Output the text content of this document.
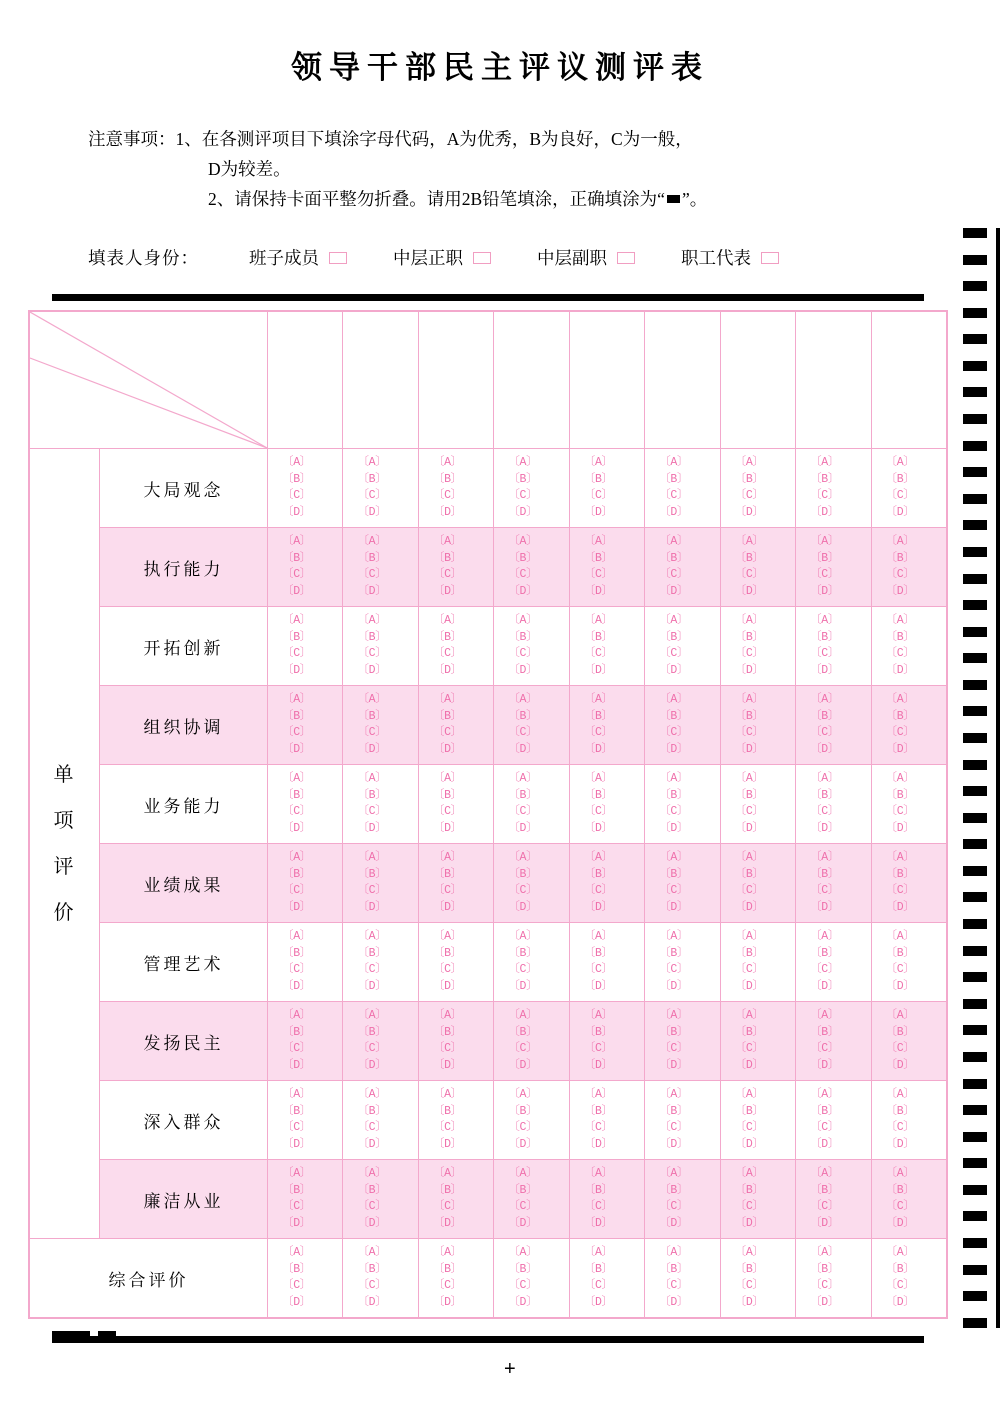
领导干部民主评议测评表
注意事项：1、在各测评项目下填涂字母代码，A为优秀，B为良好，C为一般，
D为较差。
2、请保持卡面平整勿折叠。请用2B铅笔填涂，正确填涂为“ ”。
填表人身份：	班子成员	中层正职	中层副职	职工代表

单
项
评
价
	大局观念	
〔A〕
〔B〕
〔C〕
〔D〕

〔A〕
〔B〕
〔C〕
〔D〕

〔A〕
〔B〕
〔C〕
〔D〕

〔A〕
〔B〕
〔C〕
〔D〕

〔A〕
〔B〕
〔C〕
〔D〕

〔A〕
〔B〕
〔C〕
〔D〕

〔A〕
〔B〕
〔C〕
〔D〕

〔A〕
〔B〕
〔C〕
〔D〕

〔A〕
〔B〕
〔C〕
〔D〕

执行能力	
〔A〕
〔B〕
〔C〕
〔D〕

〔A〕
〔B〕
〔C〕
〔D〕

〔A〕
〔B〕
〔C〕
〔D〕

〔A〕
〔B〕
〔C〕
〔D〕

〔A〕
〔B〕
〔C〕
〔D〕

〔A〕
〔B〕
〔C〕
〔D〕

〔A〕
〔B〕
〔C〕
〔D〕

〔A〕
〔B〕
〔C〕
〔D〕

〔A〕
〔B〕
〔C〕
〔D〕

开拓创新	
〔A〕
〔B〕
〔C〕
〔D〕

〔A〕
〔B〕
〔C〕
〔D〕

〔A〕
〔B〕
〔C〕
〔D〕

〔A〕
〔B〕
〔C〕
〔D〕

〔A〕
〔B〕
〔C〕
〔D〕

〔A〕
〔B〕
〔C〕
〔D〕

〔A〕
〔B〕
〔C〕
〔D〕

〔A〕
〔B〕
〔C〕
〔D〕

〔A〕
〔B〕
〔C〕
〔D〕

组织协调	
〔A〕
〔B〕
〔C〕
〔D〕

〔A〕
〔B〕
〔C〕
〔D〕

〔A〕
〔B〕
〔C〕
〔D〕

〔A〕
〔B〕
〔C〕
〔D〕

〔A〕
〔B〕
〔C〕
〔D〕

〔A〕
〔B〕
〔C〕
〔D〕

〔A〕
〔B〕
〔C〕
〔D〕

〔A〕
〔B〕
〔C〕
〔D〕

〔A〕
〔B〕
〔C〕
〔D〕

业务能力	
〔A〕
〔B〕
〔C〕
〔D〕

〔A〕
〔B〕
〔C〕
〔D〕

〔A〕
〔B〕
〔C〕
〔D〕

〔A〕
〔B〕
〔C〕
〔D〕

〔A〕
〔B〕
〔C〕
〔D〕

〔A〕
〔B〕
〔C〕
〔D〕

〔A〕
〔B〕
〔C〕
〔D〕

〔A〕
〔B〕
〔C〕
〔D〕

〔A〕
〔B〕
〔C〕
〔D〕

业绩成果	
〔A〕
〔B〕
〔C〕
〔D〕

〔A〕
〔B〕
〔C〕
〔D〕

〔A〕
〔B〕
〔C〕
〔D〕

〔A〕
〔B〕
〔C〕
〔D〕

〔A〕
〔B〕
〔C〕
〔D〕

〔A〕
〔B〕
〔C〕
〔D〕

〔A〕
〔B〕
〔C〕
〔D〕

〔A〕
〔B〕
〔C〕
〔D〕

〔A〕
〔B〕
〔C〕
〔D〕

管理艺术	
〔A〕
〔B〕
〔C〕
〔D〕

〔A〕
〔B〕
〔C〕
〔D〕

〔A〕
〔B〕
〔C〕
〔D〕

〔A〕
〔B〕
〔C〕
〔D〕

〔A〕
〔B〕
〔C〕
〔D〕

〔A〕
〔B〕
〔C〕
〔D〕

〔A〕
〔B〕
〔C〕
〔D〕

〔A〕
〔B〕
〔C〕
〔D〕

〔A〕
〔B〕
〔C〕
〔D〕

发扬民主	
〔A〕
〔B〕
〔C〕
〔D〕

〔A〕
〔B〕
〔C〕
〔D〕

〔A〕
〔B〕
〔C〕
〔D〕

〔A〕
〔B〕
〔C〕
〔D〕

〔A〕
〔B〕
〔C〕
〔D〕

〔A〕
〔B〕
〔C〕
〔D〕

〔A〕
〔B〕
〔C〕
〔D〕

〔A〕
〔B〕
〔C〕
〔D〕

〔A〕
〔B〕
〔C〕
〔D〕

深入群众	
〔A〕
〔B〕
〔C〕
〔D〕

〔A〕
〔B〕
〔C〕
〔D〕

〔A〕
〔B〕
〔C〕
〔D〕

〔A〕
〔B〕
〔C〕
〔D〕

〔A〕
〔B〕
〔C〕
〔D〕

〔A〕
〔B〕
〔C〕
〔D〕

〔A〕
〔B〕
〔C〕
〔D〕

〔A〕
〔B〕
〔C〕
〔D〕

〔A〕
〔B〕
〔C〕
〔D〕

廉洁从业	
〔A〕
〔B〕
〔C〕
〔D〕

〔A〕
〔B〕
〔C〕
〔D〕

〔A〕
〔B〕
〔C〕
〔D〕

〔A〕
〔B〕
〔C〕
〔D〕

〔A〕
〔B〕
〔C〕
〔D〕

〔A〕
〔B〕
〔C〕
〔D〕

〔A〕
〔B〕
〔C〕
〔D〕

〔A〕
〔B〕
〔C〕
〔D〕

〔A〕
〔B〕
〔C〕
〔D〕

综合评价	
〔A〕
〔B〕
〔C〕
〔D〕

〔A〕
〔B〕
〔C〕
〔D〕

〔A〕
〔B〕
〔C〕
〔D〕

〔A〕
〔B〕
〔C〕
〔D〕

〔A〕
〔B〕
〔C〕
〔D〕

〔A〕
〔B〕
〔C〕
〔D〕

〔A〕
〔B〕
〔C〕
〔D〕

〔A〕
〔B〕
〔C〕
〔D〕

〔A〕
〔B〕
〔C〕
〔D〕
+
